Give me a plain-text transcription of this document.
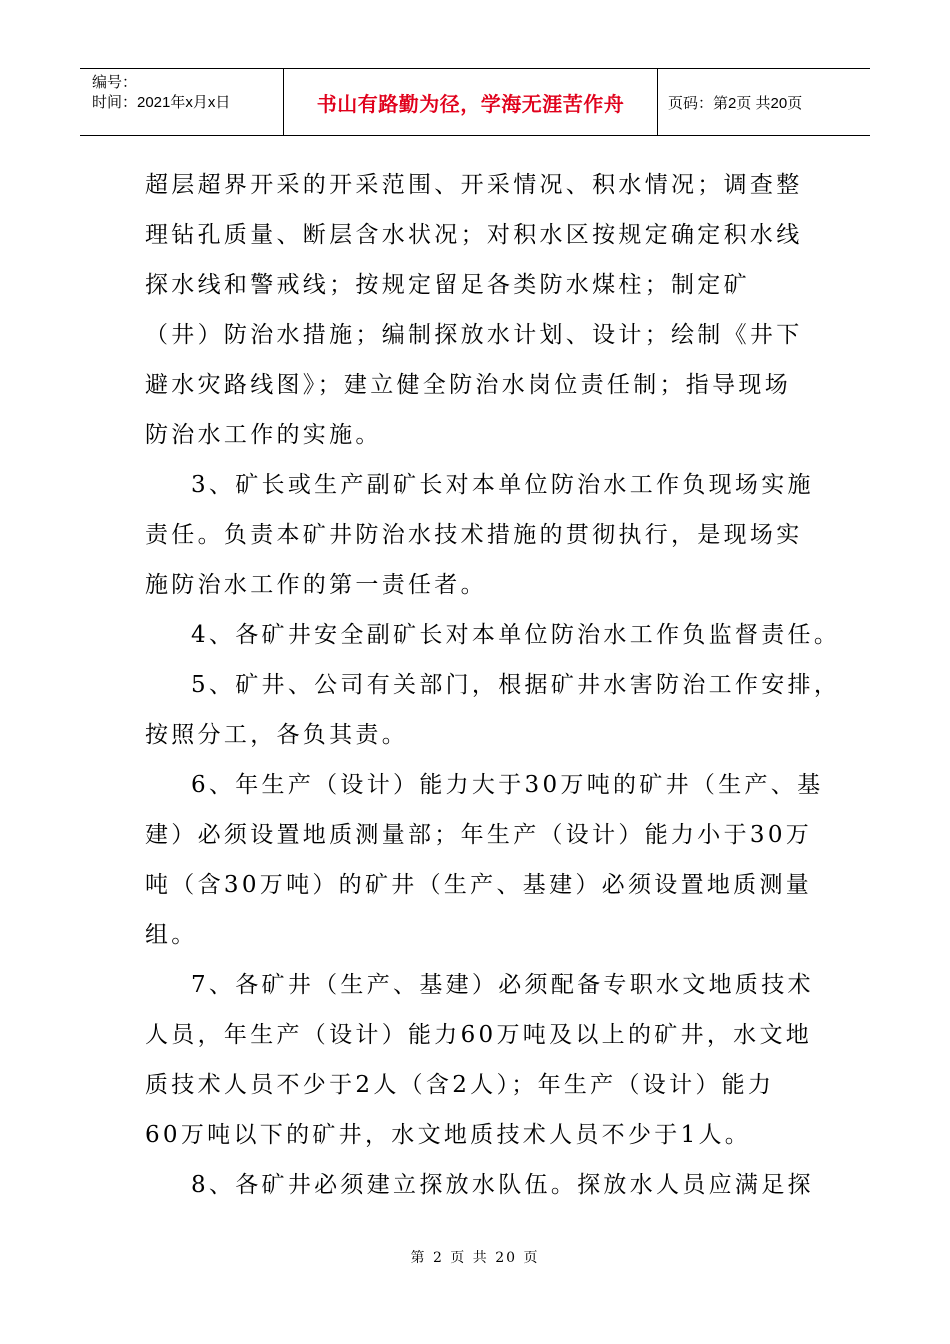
编号：
时间：2021年x月x日	书山有路勤为径，学海无涯苦作舟	页码：第2页 共20页
超层超界开采的开采范围、开采情况、积水情况；调查整
理钻孔质量、断层含水状况；对积水区按规定确定积水线
探水线和警戒线；按规定留足各类防水煤柱；制定矿
（井）防治水措施；编制探放水计划、设计；绘制《井下
避水灾路线图》；建立健全防治水岗位责任制；指导现场
防治水工作的实施。
3、矿长或生产副矿长对本单位防治水工作负现场实施
责任。负责本矿井防治水技术措施的贯彻执行，是现场实
施防治水工作的第一责任者。
4、各矿井安全副矿长对本单位防治水工作负监督责任。
5、矿井、公司有关部门，根据矿井水害防治工作安排，
按照分工，各负其责。
6、年生产（设计）能力大于30万吨的矿井（生产、基
建）必须设置地质测量部；年生产（设计）能力小于30万
吨（含30万吨）的矿井（生产、基建）必须设置地质测量
组。
7、各矿井（生产、基建）必须配备专职水文地质技术
人员，年生产（设计）能力60万吨及以上的矿井，水文地
质技术人员不少于2人（含2人）；年生产（设计）能力
60万吨以下的矿井，水文地质技术人员不少于1人。
8、各矿井必须建立探放水队伍。探放水人员应满足探
第 2 页 共 20 页
